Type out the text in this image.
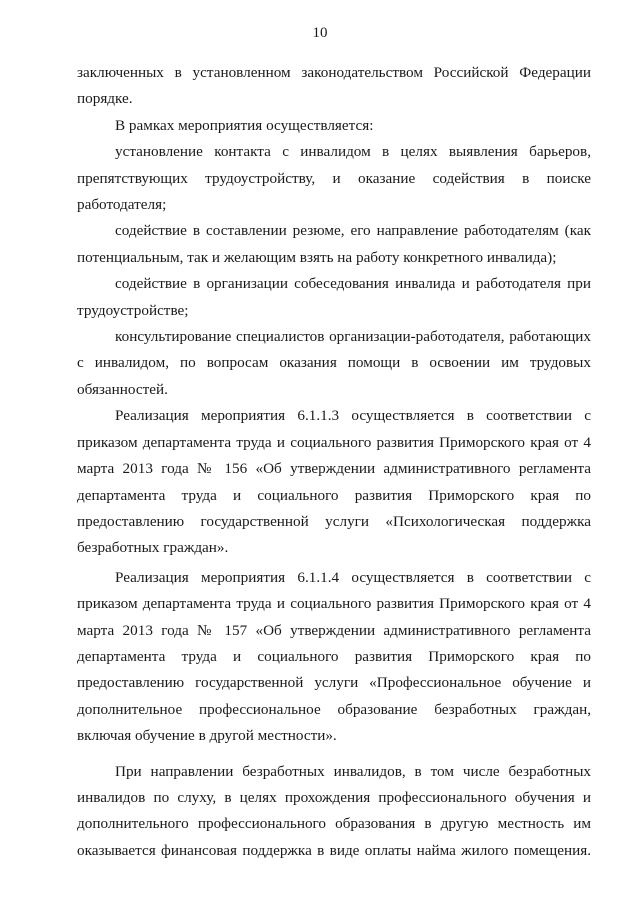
10

заключенных в установленном законодательством Российской Федерации порядке.

В рамках мероприятия осуществляется:

установление контакта с инвалидом в целях выявления барьеров, препятствующих трудоустройству, и оказание содействия в поиске работодателя;

содействие в составлении резюме, его направление работодателям (как потенциальным, так и желающим взять на работу конкретного инвалида);

содействие в организации собеседования инвалида и работодателя при трудоустройстве;

консультирование специалистов организации-работодателя, работающих с инвалидом, по вопросам оказания помощи в освоении им трудовых обязанностей.

Реализация мероприятия 6.1.1.3 осуществляется в соответствии с приказом департамента труда и социального развития Приморского края от 4 марта 2013 года № 156 «Об утверждении административного регламента департамента труда и социального развития Приморского края по предоставлению государственной услуги «Психологическая поддержка безработных граждан».

Реализация мероприятия 6.1.1.4 осуществляется в соответствии с приказом департамента труда и социального развития Приморского края от 4 марта 2013 года № 157 «Об утверждении административного регламента департамента труда и социального развития Приморского края по предоставлению государственной услуги «Профессиональное обучение и дополнительное профессиональное образование безработных граждан, включая обучение в другой местности».

При направлении безработных инвалидов, в том числе безработных инвалидов по слуху, в целях прохождения профессионального обучения и дополнительного профессионального образования в другую местность им оказывается финансовая поддержка в виде оплаты найма жилого помещения.
